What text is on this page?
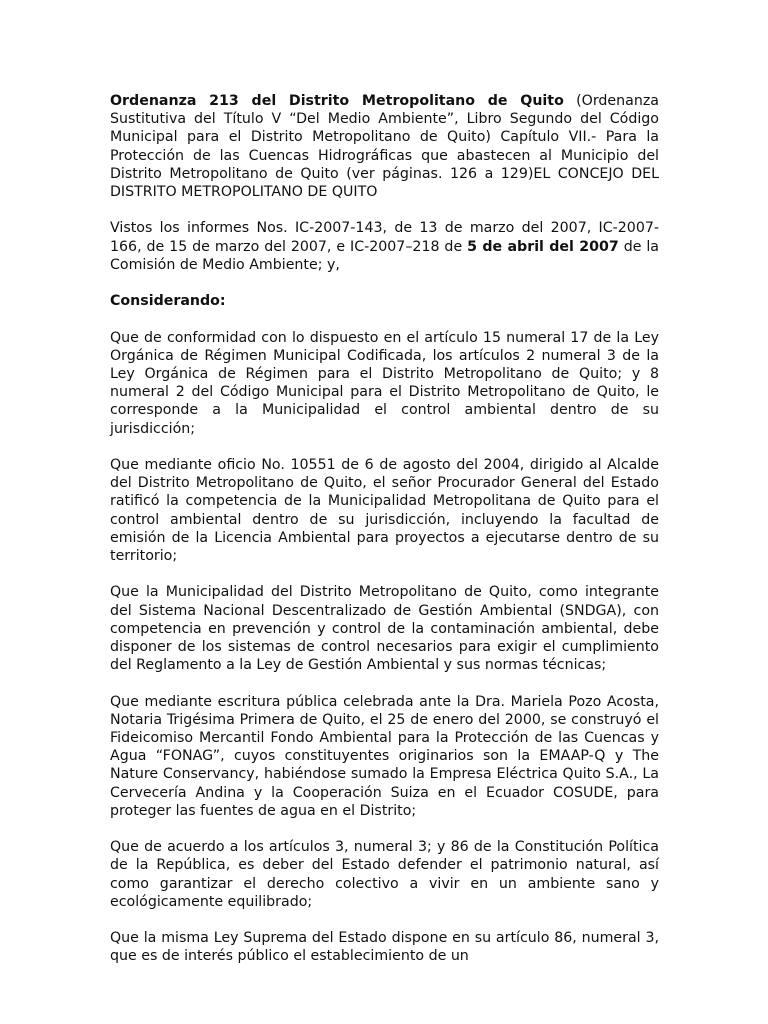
Ordenanza 213 del Distrito Metropolitano de Quito (Ordenanza Sustitutiva del Título V “Del Medio Ambiente”, Libro Segundo del Código Municipal para el Distrito Metropolitano de Quito) Capítulo VII.- Para la Protección de las Cuencas Hidrográficas que abastecen al Municipio del Distrito Metropolitano de Quito (ver páginas. 126 a 129)EL CONCEJO DEL DISTRITO METROPOLITANO DE QUITO

Vistos los informes Nos. IC-2007-143, de 13 de marzo del 2007, IC-2007-166, de 15 de marzo del 2007, e IC-2007–218 de 5 de abril del 2007 de la Comisión de Medio Ambiente; y,

Considerando:

Que de conformidad con lo dispuesto en el artículo 15 numeral 17 de la Ley Orgánica de Régimen Municipal Codificada, los artículos 2 numeral 3 de la Ley Orgánica de Régimen para el Distrito Metropolitano de Quito; y 8 numeral 2 del Código Municipal para el Distrito Metropolitano de Quito, le corresponde a la Municipalidad el control ambiental dentro de su jurisdicción;

Que mediante oficio No. 10551 de 6 de agosto del 2004, dirigido al Alcalde del Distrito Metropolitano de Quito, el señor Procurador General del Estado ratificó la competencia de la Municipalidad Metropolitana de Quito para el control ambiental dentro de su jurisdicción, incluyendo la facultad de emisión de la Licencia Ambiental para proyectos a ejecutarse dentro de su territorio;

Que la Municipalidad del Distrito Metropolitano de Quito, como integrante del Sistema Nacional Descentralizado de Gestión Ambiental (SNDGA), con competencia en prevención y control de la contaminación ambiental, debe disponer de los sistemas de control necesarios para exigir el cumplimiento del Reglamento a la Ley de Gestión Ambiental y sus normas técnicas;

Que mediante escritura pública celebrada ante la Dra. Mariela Pozo Acosta, Notaria Trigésima Primera de Quito, el 25 de enero del 2000, se construyó el Fideicomiso Mercantil Fondo Ambiental para la Protección de las Cuencas y Agua “FONAG”, cuyos constituyentes originarios son la EMAAP-Q y The Nature Conservancy, habiéndose sumado la Empresa Eléctrica Quito S.A., La Cervecería Andina y la Cooperación Suiza en el Ecuador COSUDE, para proteger las fuentes de agua en el Distrito;

Que de acuerdo a los artículos 3, numeral 3; y 86 de la Constitución Política de la República, es deber del Estado defender el patrimonio natural, así como garantizar el derecho colectivo a vivir en un ambiente sano y ecológicamente equilibrado;

Que la misma Ley Suprema del Estado dispone en su artículo 86, numeral 3, que es de interés público el establecimiento de un
